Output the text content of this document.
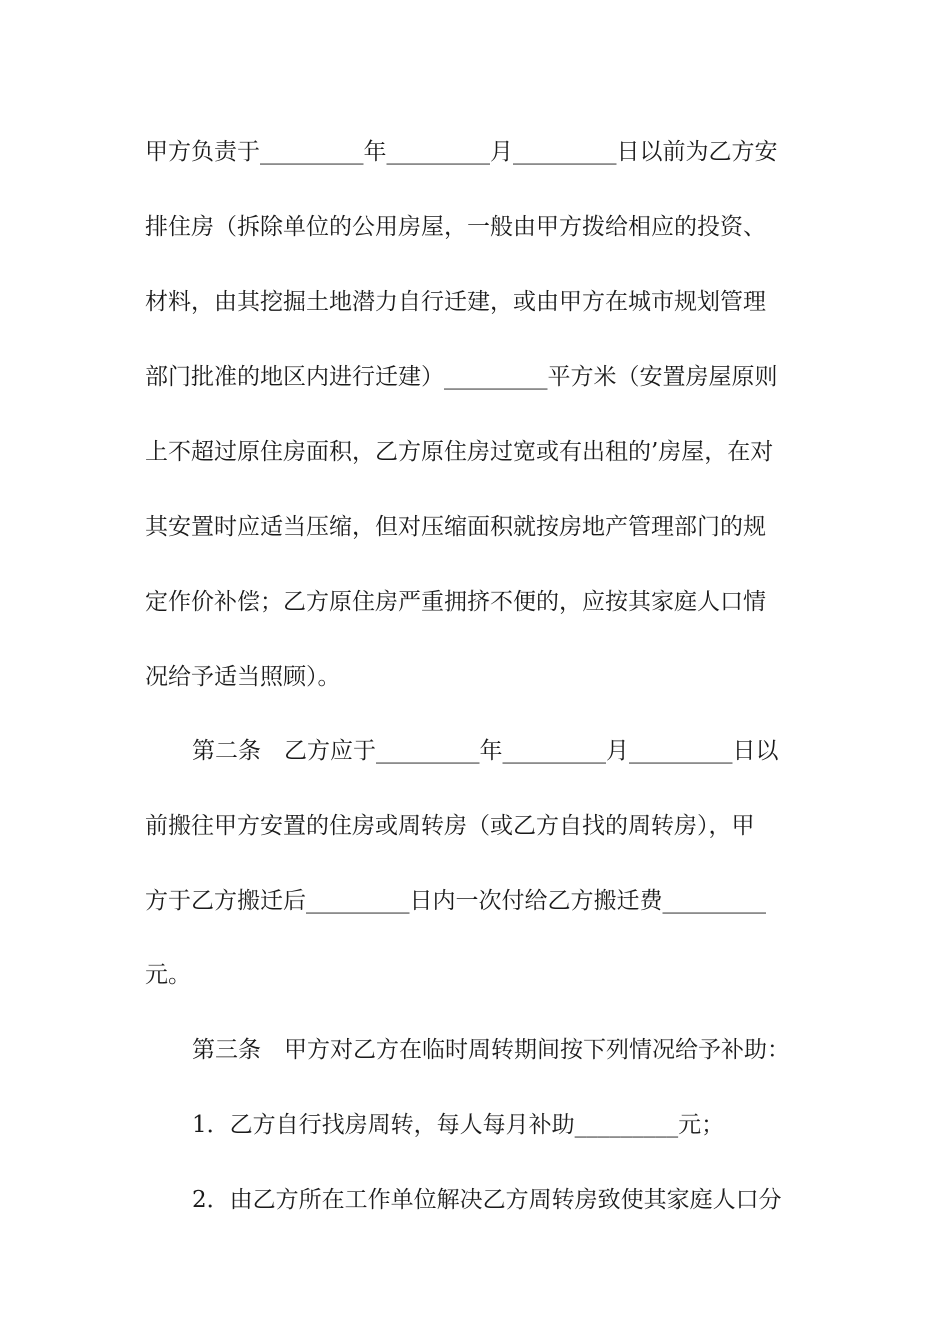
甲方负责于_________年_________月_________日以前为乙方安
排住房（拆除单位的公用房屋，一般由甲方拨给相应的投资、
材料，由其挖掘土地潜力自行迁建，或由甲方在城市规划管理
部门批准的地区内进行迁建）_________平方米（安置房屋原则
上不超过原住房面积，乙方原住房过宽或有出租的’房屋，在对
其安置时应适当压缩，但对压缩面积就按房地产管理部门的规
定作价补偿；乙方原住房严重拥挤不便的，应按其家庭人口情
况给予适当照顾）。
第二条　乙方应于_________年_________月_________日以
前搬往甲方安置的住房或周转房（或乙方自找的周转房），甲
方于乙方搬迁后_________日内一次付给乙方搬迁费_________
元。
第三条　甲方对乙方在临时周转期间按下列情况给予补助：
1．乙方自行找房周转，每人每月补助_________元；
2．由乙方所在工作单位解决乙方周转房致使其家庭人口分
